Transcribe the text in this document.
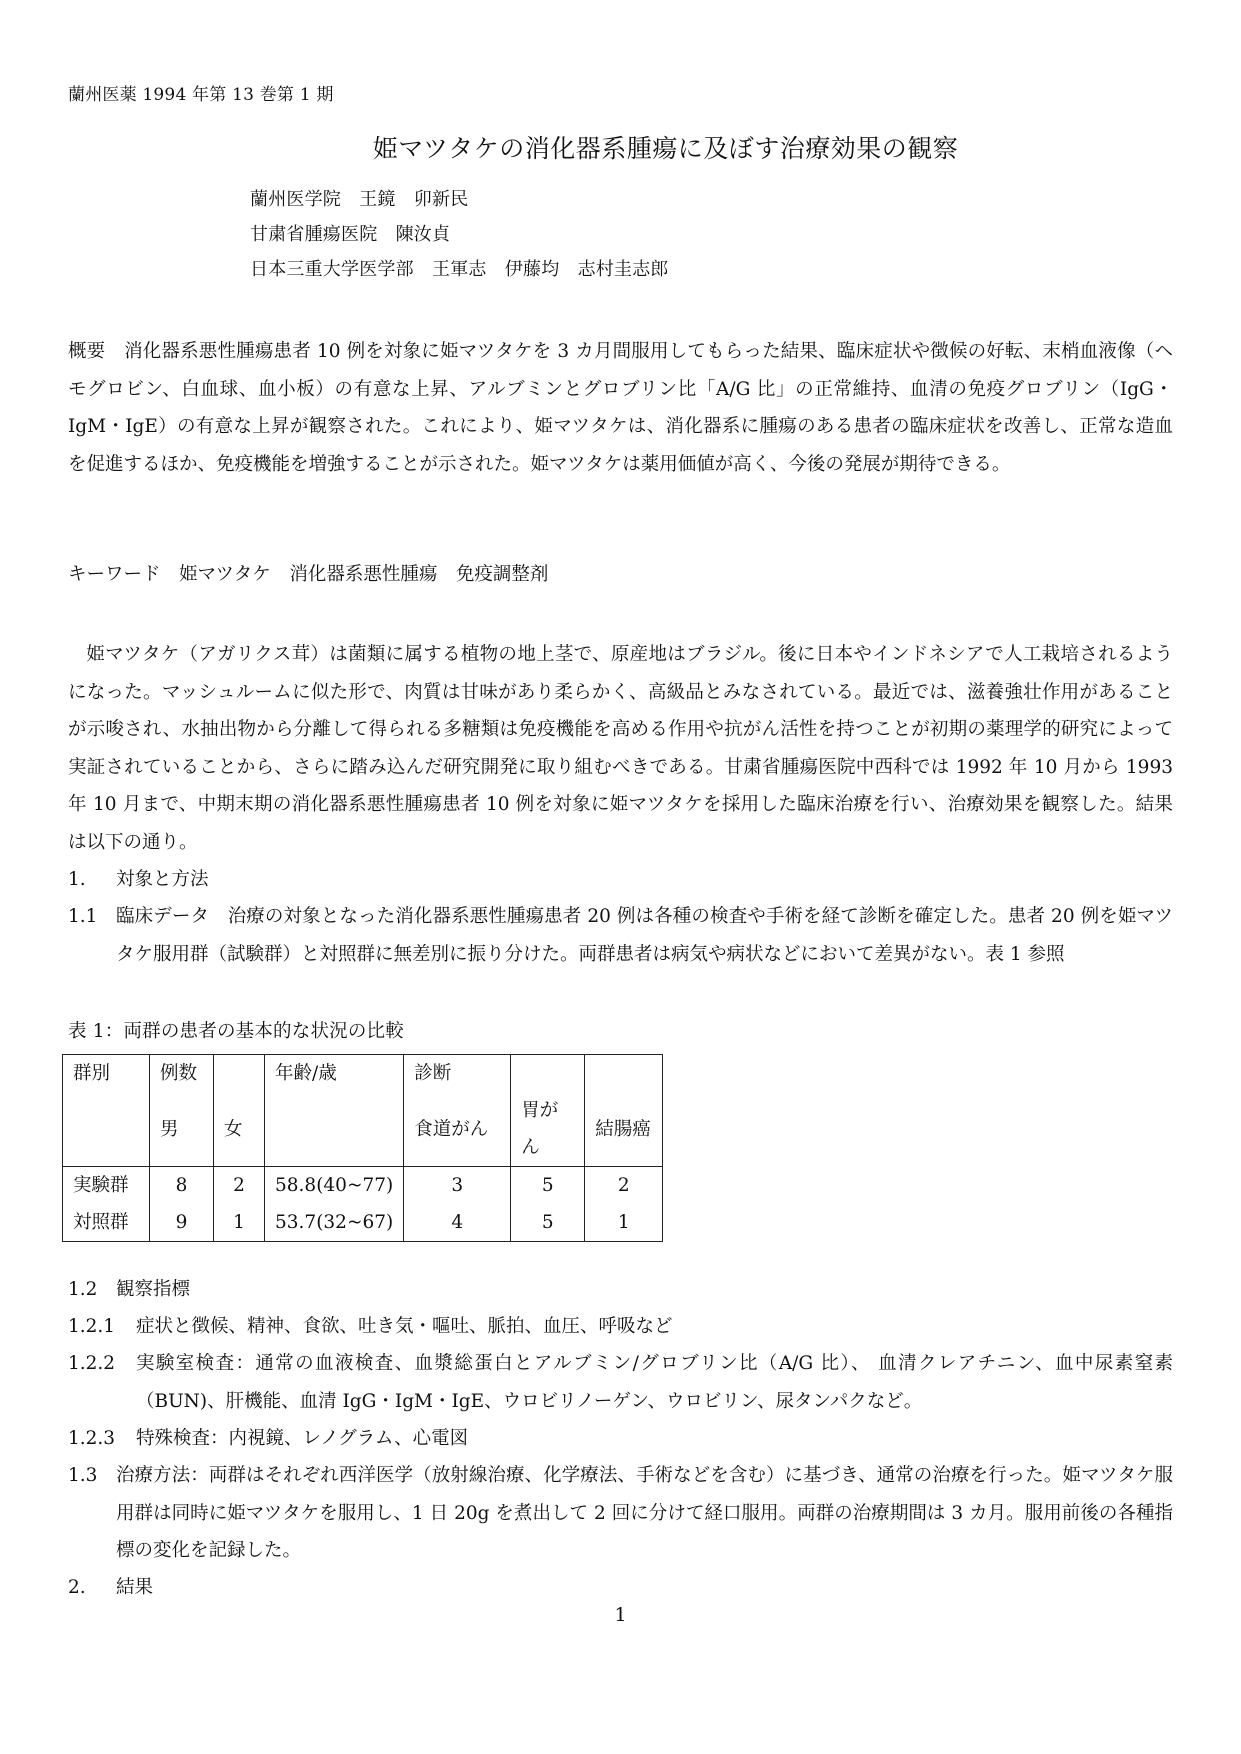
蘭州医薬 1994 年第 13 巻第 1 期
姫マツタケの消化器系腫瘍に及ぼす治療効果の観察
蘭州医学院　王鏡　卯新民
甘粛省腫瘍医院　陳汝貞
日本三重大学医学部　王軍志　伊藤均　志村圭志郎
概要　 消化器系悪性腫瘍患者 10 例を対象に姫マツタケを 3 カ月間服用してもらった結果、臨床症状や徴候の好転、末梢血液像（ヘモグロビン、白血球、血小板）の有意な上昇、アルブミンとグロブリン比「A/G 比」の正常維持、血清の免疫グロブリン（IgG・IgM・IgE）の有意な上昇が観察された。これにより、姫マツタケは、消化器系に腫瘍のある患者の臨床症状を改善し、正常な造血を促進するほか、免疫機能を増強することが示された。姫マツタケは薬用価値が高く、今後の発展が期待できる。
キーワード　 姫マツタケ　 消化器系悪性腫瘍　 免疫調整剤
姫マツタケ（アガリクス茸）は菌類に属する植物の地上茎で、原産地はブラジル。後に日本やインドネシアで人工栽培されるようになった。マッシュルームに似た形で、肉質は甘味があり柔らかく、高級品とみなされている。最近では、滋養強壮作用があることが示唆され、水抽出物から分離して得られる多糖類は免疫機能を高める作用や抗がん活性を持つことが初期の薬理学的研究によって実証されていることから、さらに踏み込んだ研究開発に取り組むべきである。甘粛省腫瘍医院中西科では 1992 年 10 月から 1993 年 10 月まで、中期末期の消化器系悪性腫瘍患者 10 例を対象に姫マツタケを採用した臨床治療を行い、治療効果を観察した。結果は以下の通り。
1. 対象と方法
1.1 臨床データ　治療の対象となった消化器系悪性腫瘍患者 20 例は各種の検査や手術を経て診断を確定した。患者 20 例を姫マツタケ服用群（試験群）と対照群に無差別に振り分けた。両群患者は病気や病状などにおいて差異がない。表 1 参照
表 1：両群の患者の基本的な状況の比較
群別	例数		年齢/歳	診断		
	男	女		食道がん	胃がん	結腸癌
実験群	8	2	58.8(40~77)	3	5	2
対照群	9	1	53.7(32~67)	4	5	1
1.2 観察指標
1.2.1 症状と徴候、精神、食欲、吐き気・嘔吐、脈拍、血圧、呼吸など
1.2.2 実験室検査：通常の血液検査、血漿総蛋白とアルブミン/グロブリン比（A/G 比）、 血清クレアチニン、血中尿素窒素（BUN)、肝機能、血清 IgG・IgM・IgE、ウロビリノーゲン、ウロビリン、尿タンパクなど。
1.2.3 特殊検査：内視鏡、レノグラム、心電図
1.3 治療方法：両群はそれぞれ西洋医学（放射線治療、化学療法、手術などを含む）に基づき、通常の治療を行った。姫マツタケ服用群は同時に姫マツタケを服用し、1 日 20g を煮出して 2 回に分けて経口服用。両群の治療期間は 3 カ月。服用前後の各種指標の変化を記録した。
2. 結果
1
